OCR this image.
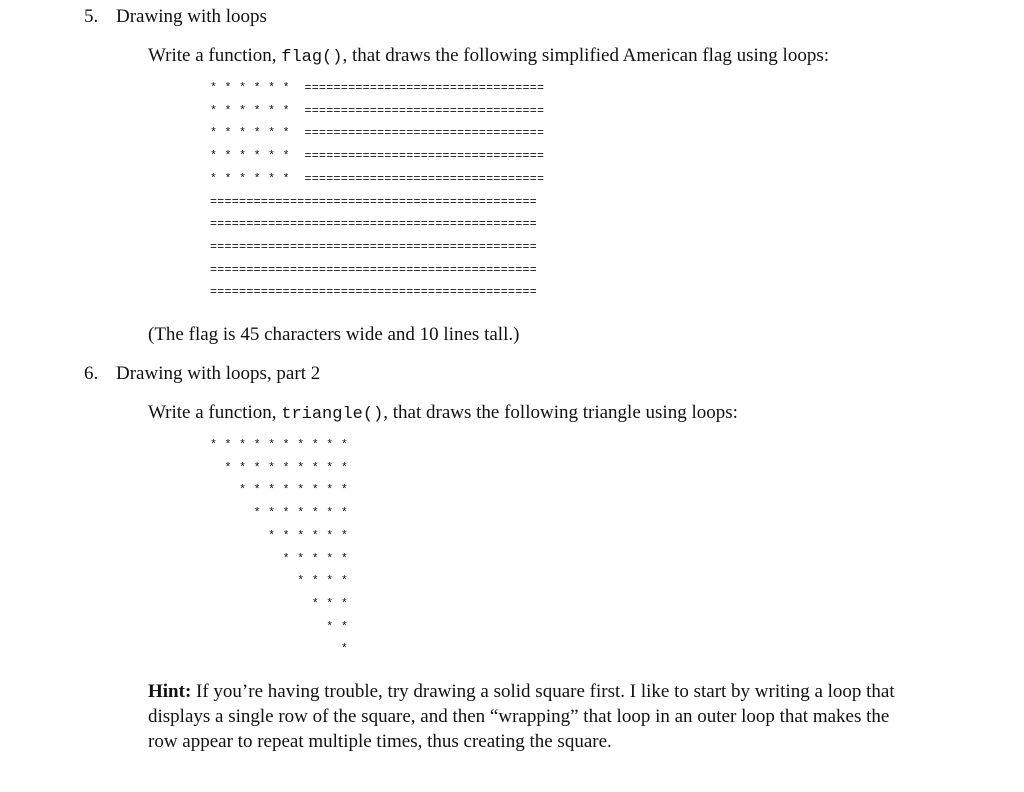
5. Drawing with loops
Write a function, flag(), that draws the following simplified American flag using loops:
* * * * * *  =================================
* * * * * *  =================================
* * * * * *  =================================
* * * * * *  =================================
* * * * * *  =================================
=============================================
=============================================
=============================================
=============================================
=============================================
(The flag is 45 characters wide and 10 lines tall.)
6. Drawing with loops, part 2
Write a function, triangle(), that draws the following triangle using loops:
* * * * * * * * * *
* * * * * * * * *
* * * * * * * *
* * * * * * *
* * * * * *
* * * * *
* * * *
* * *
* *
*
Hint: If you’re having trouble, try drawing a solid square first. I like to start by writing a loop that displays a single row of the square, and then “wrapping” that loop in an outer loop that makes the row appear to repeat multiple times, thus creating the square.
